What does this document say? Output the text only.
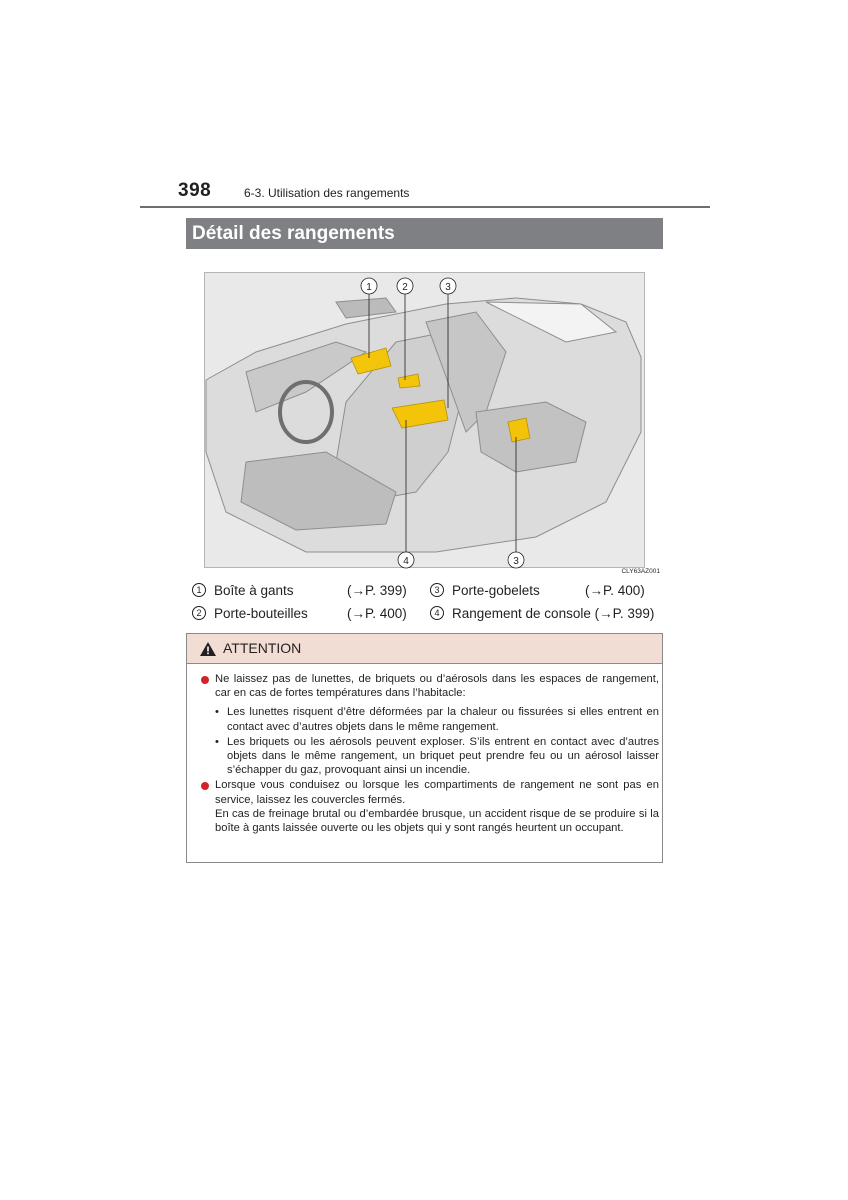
398	6-3. Utilisation des rangements
Détail des rangements
1	2	3
4	3
CLY63AZ001
1 Boîte à gants	(→P. 399)	3 Porte-gobelets	(→P. 400)
2 Porte-bouteilles	(→P. 400)	4 Rangement de console (→P. 399)
ATTENTION
Ne laissez pas de lunettes, de briquets ou d’aérosols dans les espaces de rangement, car en cas de fortes températures dans l’habitacle:
• Les lunettes risquent d’être déformées par la chaleur ou fissurées si elles entrent en contact avec d’autres objets dans le même rangement.
• Les briquets ou les aérosols peuvent exploser. S’ils entrent en contact avec d’autres objets dans le même rangement, un briquet peut prendre feu ou un aérosol laisser s’échapper du gaz, provoquant ainsi un incendie.
Lorsque vous conduisez ou lorsque les compartiments de rangement ne sont pas en service, laissez les couvercles fermés.
En cas de freinage brutal ou d’embardée brusque, un accident risque de se produire si la boîte à gants laissée ouverte ou les objets qui y sont rangés heurtent un occupant.
